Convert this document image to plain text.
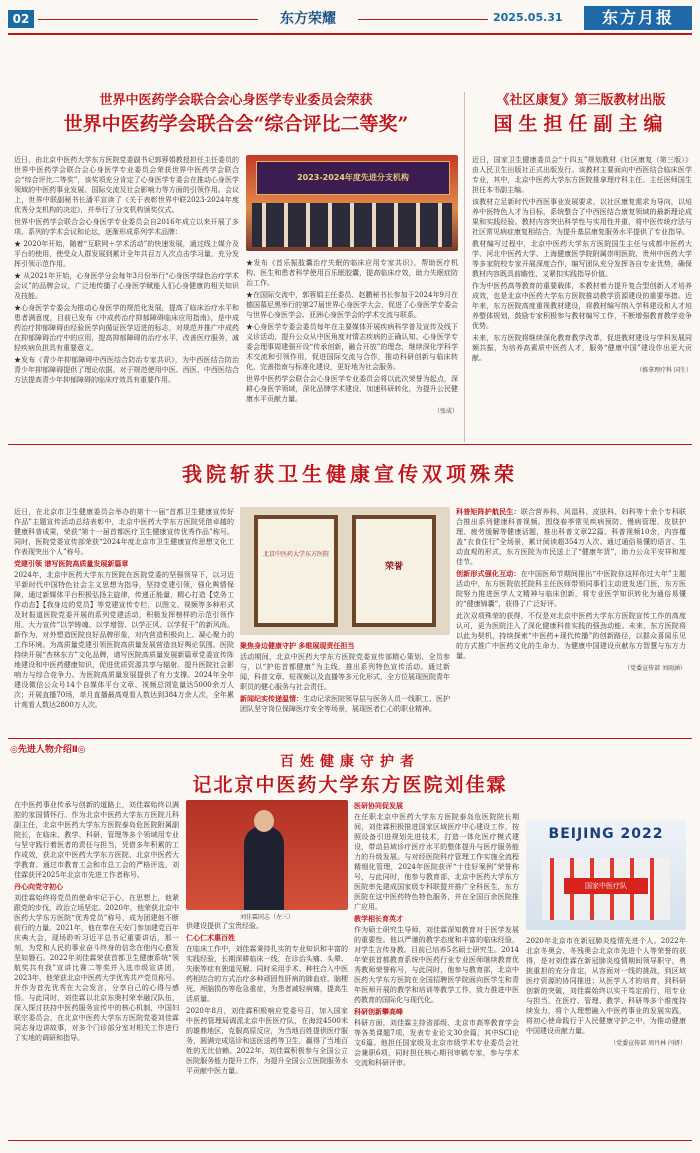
02	东方荣耀	2025.05.31	东方月报
世界中医药学会联合会心身医学专业委员会荣获
世界中医药学会联合会“综合评比二等奖”

近日，由北京中医药大学东方医院党委副书记郭蓉娟教授担任主任委员的世界中医药学会联合会心身医学专业委员会荣获世界中医药学会联合会“综合评比二等奖”，该奖项充分肯定了心身医学专委会在推动心身医学领域的中医药事业发展、国际交流及社会影响力等方面的引领作用。会议上，世界中联副秘书长潘平宣读了《关于表彰世界中联2023-2024年度优秀分支机构的决定》，并举行了分支机构颁奖仪式。

世界中医药学会联合会心身医学专业委员会自2016年成立以来开展了多项、系列的学术会议和论坛，逐渐形成系列学术品牌：

★ 2020年开始，随着“互联网＋学术活动”的快速发展，通过线上媒介及平台的使用，使受众人群发展到累计全年共百万人次点击学习量，充分发挥引领示范作用。

★ 从2021年开始，心身医学分会每年3月份举行“心身医学绿色治疗学术会议”的品牌会议，广泛地传播了心身医学赋能人们心身健康的相关知识及技能。

★心身医学专委会为推动心身医学的规范化发展，提高了临床治疗水平和患者满意度，目前已发布《中成药治疗抑郁障碍临床应用指南》，是中成药治疗抑郁障碍由经验医学向循证医学迈进的标志，对规范并推广中成药在抑郁障碍治疗中的应用，提高抑郁障碍的治疗水平，改善医疗服务，减轻疾病负担具有重要意义。

★发布《青少年抑郁障碍中西医结合防治专家共识》，为中西医结合防治青少年抑郁障碍提供了理论依据。对于规范使用中医、西医、中西医结合方法提高青少年抑郁障碍的临床疗效具有重要作用。

2023-2024年度先进分支机构

★发布《首乐振肢囊治疗失眠的临床应用专家共识》，帮助医疗机构、医生和患者科学使用百乐眠胶囊，提高临床疗效，助力失眠症防治工作。

★在国际交流中，郭蓉娟主任委员、赵鹏秘书长参加于2024年9月在德国慕尼黑举行的第27届世界心身医学大会，促进了心身医学专委会与世界心身医学会、亚洲心身医学会的学术交流与联系。

★心身医学专委会委员每年在主要媒体开展疾病科学普及宣传及线下义诊活动，提升公众从中医角度对情志疾病的正确认知。心身医学专委会理事周建强开设“传承创新，融合开放”的理念，继续深化学科学术交流和引领作用，促进国际交流与合作，推动科研创新与临床转化，完善指南与标准化建设，更好地为社会服务。

世界中医药学会联合会心身医学专业委员会将以此次荣誉为起点，深耕心身医学领域，深化品牌学术建设，加速科研转化，为提升公民健康水平贡献力量。

（张成）
《社区康复》第三版教材出版
国生担任副主编

近日，国家卫生健康委员会“十四五”规划教材《社区康复（第三版）》由人民卫生出版社正式出版发行。该教材主要面向中西医结合临床医学专业，其中，北京中医药大学东方医院推拿理疗科主任、主任医师国生担任本书副主编。

该教材立足新时代中西医事业发展要求，以社区康复需求为导向，以培养中医特色人才为目标，系统整合了中西医结合康复领域的最新理论成果和实践经验。教材内容突出科学性与实用性并重，将中医传统疗法与社区常见病症康复相结合，为提升基层康复服务水平提供了专业指导。

教材编写过程中，北京中医药大学东方医院国生主任与成都中医药大学、河北中医药大学、上海健康医学院附属崇明医院、贵州中医药大学等多家院校专家开展深度合作，编写团队充分发挥各自专业优势，确保教材内容既具前瞻性、又紧扣实践指导价值。

作为中医药高等教育的重要载体，本教材着力提升复合型创新人才培养成效，也是北京中医药大学东方医院推动教学资源建设的重要举措。近年来，东方医院高度重视教材建设，将教材编写纳入学科建设和人才培养整体规划，鼓励专家积极参与教材编写工作，不断增强教育教学竞争优势。

未来，东方医院将继续深化教育教学改革，促进教材建设与学科发展同频共振，为培养高素质中医药人才，服务“健康中国”建设作出更大贡献。

（推拿理疗科 国生）
我院斩获卫生健康宣传双项殊荣

近日，在北京市卫生健康委员会举办的第十一届“首都卫生健康宣传好作品”主题宣传活动总结表彰中，北京中医药大学东方医院凭借卓越的健康科普成果，荣获“第十一届首都医疗卫生健康宣传优秀作品”称号。同时，医院党委宣传部荣获“2024年度北京市卫生健康宣传思想文化工作表现突出个人”称号。

党建引领 谱写医院高质量发展新篇章

2024年，北京中医药大学东方医院在医院党委的坚强领导下，以习近平新时代中国特色社会主义思想为指导，坚持党建引领，强化舆情保障，通过新媒体平台积极弘扬主旋律，传递正能量，精心打造【党务工作动态】【我身边的党员】等党建宣传专栏，以图文、视频等多种形式及时报道医院党委开展的系列党建活动，积极发挥榜样的示范引领作用。大力宣传“以学铸魂、以学增智、以学正风、以学促干”的新风尚。新作为，对外塑造医院良好品牌形象，对内营造积极向上、凝心聚力的工作环境。为高质量党建引领医院高质量发展营造良好舆论氛围。医院持续开展“杏林东方”文化品牌，谱写医院高质量发展新篇章党委宣传阵地建设和中医药健康知识，促进优质资源共享与辐射。提升医院社会影响力与综合竞争力。为医院高质量发展提供了有力支撑。2024年全年建设微信公众号14个自媒体平台文章、视频总浏览量达5000余万人次；开展直播70场，单月直播最高观看人数达到384万余人次，全年累计观看人数达2800万人次。

北京中医药大学东方医院
荣誉
聚焦身边健康守护 多维展现责任担当

活动期间，北京中医药大学东方医院党委宣传部精心策划、全员参与，以“护佑首都健康”为主线，推出系列特色宣传活动。通过新闻、科普文章、短视频以及直播等多元化形式，全方位展现医院青年职员的健心服务与社会责任。

新闻纪实传递温情：生动记录医院领导层与医务人员一线职工、医护团队坚守岗位保障医疗安全等场景，展现医者仁心的职业精神。

科普矩阵护航民生：联合营养科、风湿科、皮肤科、妇科等十余个专科联合推出系列健康科普视频。围绕春季常见疾病预防、慢病管理、皮肤护理、疲劳缓解等健康话题，推出科普文章22篇、科普视频10余，内容覆盖“衣食住行”全场景，累计阅读超354万人次。通过通俗易懂的语言、生动直观的形式，东方医院为市民送上了“健康年货”，助力公众平安祥和度佳节。

创新形式强化互动：在中国医师节期间推出“中医院你这样你过大年”主题活动中，东方医院依托院科主任医师带领同事们主动进发进门医，东方医院努力推进医学人文精神与临床创新，将专业医学知识转化为通俗易懂的“健康锦囊”，获得了广泛好评。

此次双项殊荣的获得，不仅是对北京中医药大学东方医院宣传工作的高度认可，更为医院注入了深化健康科普实践的强劲动能。未来，东方医院将以此为契机，持续探索“中医药+现代传播”的创新路径，以群众喜闻乐见的方式推广中医药文化的生命力，为健康中国建设贡献东方智慧与东方力量。

（党委宣传部 刘雨涵）
◎先进人物介绍Ⅱ◎
百姓健康守护者
记北京中医药大学东方医院刘佳霖

在中医药事业传承与创新的道路上，刘佳霖始终以满腔的家国情怀行。作为北京中医药大学东方医院儿科副主任，北京中医药大学东方医院泰岛危医院附属副院长，在临床、教学、科研、管理等多个领域用专业与坚守践行着医者的责任与担当，凭借多年积累的工作成效，获北京中医药大学东方医院、北京中医药大学教育、通过市教育工会和市总工会的严格评选，刘佳霖获评2025年北京市先进工作者称号。

丹心向党守初心

刘佳霖始终将党员的使命牢记于心，在思想上，他紧跟党的步伐，政治立场坚定。2020年，他荣获北京中医药大学东方医院“优秀党员”称号，成为团建他不断前行的力量。2021年，他在奉在天安门参加建党百年庆典大会，现场聆听习近平总书记重要讲话，那一刻，为党和人民的事业奋斗终身的信念在他内心愈发坚如磐石。2022年刘佳霖荣获首都卫生健康系统“领航奖共有我”宣讲比赛二等奖并入选市级宣讲团，2023年，他荣获北京中医药大学优秀共产党员称号。并作为首先优秀在大会发言，分享自己的心得与感悟。与此同时，刘佳霖以北京东奥村荣幸融汉队伍，深入探讨扶持中医药服务宣传中的核心机制，中国妇联宗委员会，在北京中医药大学东方医院党委刘佳霖同志身边讲故事，对多个门诊部分室对相关工作进行了实地的调研和指导。

刘佳霖同志（左三）

供建设提供了宝贵经验。

仁心仁术惠百姓

在临床工作中，刘佳霖秉持扎实的专业知识和丰富的实践经验，长期深耕临床一线，在诊治头痛、头晕、失眠等症有独道见解。同时采用手术、种柱合入中医药相结合的方式治疗多种顽固性肝病的肺血症、脑梗死、颅脑损伤等危急重症，为患者减轻病痛，提高生活质量。

2020年8月，刘佳霖积极响应党委号召，加入国家中医药管理局调派北京中医医疗队，在海淀4500米的雄鼎地区，克服高原反应，为当地百姓提供医疗服务，圆满完成巡诊和送医送药等卫生，赢得了当地百姓的无比信赖。2022年，刘佳霖积极参与全国公立医院服务能力提升工作，为提升全国公立医院服务水平贡献中医力量。

医研协同促发展

在任职北京中医药大学东方医院泰岛危医院院长期间，刘佳霖积极推进国家区域医疗中心建设工作，按照设备引进规划先进技术，打造一体化医疗模式建设，带动县域诊疗医疗水平的整体提升与医疗服务能力的升级发展。与对经医院科疗管理工作实施全流程精细化管理，2024年医院获评“十佳好案例”荣誉称号，与此同时，他参与教育部，北京中医药大学东方医院率先建成国家级专科联盟并推广全科医生，东方医院在这中医药特色特色服务，并在全国百余医院推广应用。

教学相长育英才

作为硕士研究生导师，刘佳霖深知教育对于医学发展的重要性。他以严谨的教学态度和丰富的临床经验，对学生言传身教。目前已培养5名硕士研究生。2014年荣获首都教育系统中医药行业专业医师继续教育优秀教师荣誉称号，与此同时，他参与教育部，北京中医药大学东方医院在全国招聘医学院面向医学生和青年医师开展的教学和培训等教学工作，致力推进中医药教育的国际化与现代化。

科研创新攀高峰

科研方面，刘佳霖主持省部级、北京市高等教育学会等各类课题7项，发表专业论文30余篇，其中SCI论文6篇。他担任国家级及北京市级学术专业委员会社会兼职6项，同时担任核心期刊审稿专家，参与学术交流和科研评审。

BEIJING 2022
国家中医疗队

2020年北京市在新冠肺炎疫情先进个人。2022年北京冬奥会、冬残奥会北京市先进个人等荣誉的获得，是对刘佳霖在新冠肺炎疫情期间领导职守，勇挑重担的充分肯定，从容面对一线的挑战，到区域医疗资源的协同推进；从医学人才的培育，到科研创新的突破，刘佳霖始终以实干笃定前行，用专业与担当，在医疗、管理、教学、科研等多个维度持续发力，将个人理想融入中医药事业的发展实践，将初心使命践行于人民健康守护之中，为推动健康中国建设贡献力量。

（党委宣传部 周丹林 闫妍）
